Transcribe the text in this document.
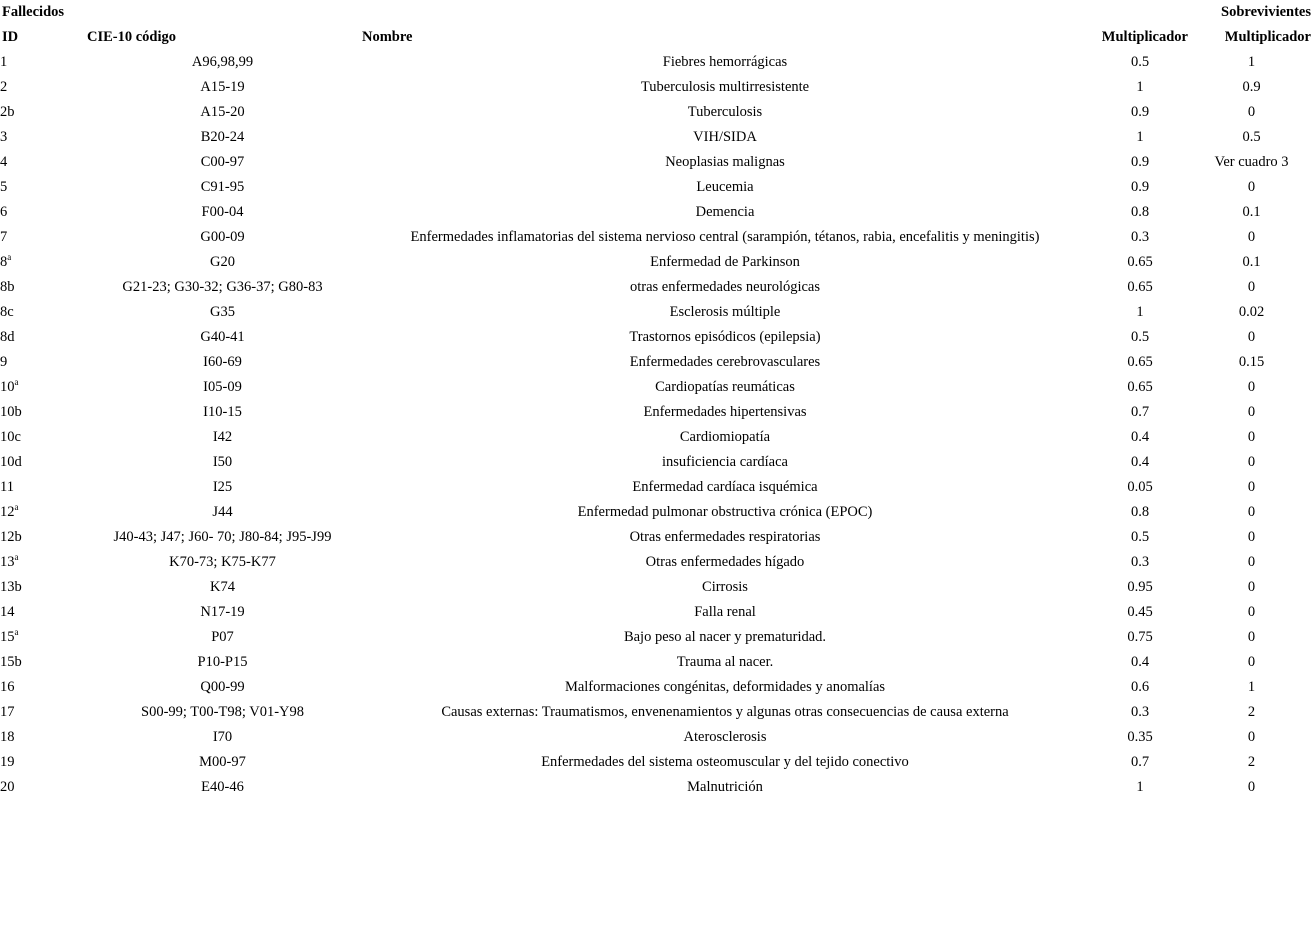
Fallecidos				Sobrevivientes
ID	CIE-10 código	Nombre	Multiplicador	Multiplicador
1	A96,98,99	Fiebres hemorrágicas	0.5	1
2	A15-19	Tuberculosis multirresistente	1	0.9
2b	A15-20	Tuberculosis	0.9	0
3	B20-24	VIH/SIDA	1	0.5
4	C00-97	Neoplasias malignas	0.9	Ver cuadro 3
5	C91-95	Leucemia	0.9	0
6	F00-04	Demencia	0.8	0.1
7	G00-09	Enfermedades inflamatorias del sistema nervioso central (sarampión, tétanos, rabia, encefalitis y meningitis)	0.3	0
8$^a$	G20	Enfermedad de Parkinson	0.65	0.1
8b	G21-23; G30-32; G36-37; G80-83	otras enfermedades neurológicas	0.65	0
8c	G35	Esclerosis múltiple	1	0.02
8d	G40-41	Trastornos episódicos (epilepsia)	0.5	0
9	I60-69	Enfermedades cerebrovasculares	0.65	0.15
10$^a$	I05-09	Cardiopatías reumáticas	0.65	0
10b	I10-15	Enfermedades hipertensivas	0.7	0
10c	I42	Cardiomiopatía	0.4	0
10d	I50	insuficiencia cardíaca	0.4	0
11	I25	Enfermedad cardíaca isquémica	0.05	0
12$^a$	J44	Enfermedad pulmonar obstructiva crónica (EPOC)	0.8	0
12b	J40-43; J47; J60- 70; J80-84; J95-J99	Otras enfermedades respiratorias	0.5	0
13$^a$	K70-73; K75-K77	Otras enfermedades hígado	0.3	0
13b	K74	Cirrosis	0.95	0
14	N17-19	Falla renal	0.45	0
15$^a$	P07	Bajo peso al nacer y prematuridad.	0.75	0
15b	P10-P15	Trauma al nacer.	0.4	0
16	Q00-99	Malformaciones congénitas, deformidades y anomalías	0.6	1
17	S00-99; T00-T98; V01-Y98	Causas externas: Traumatismos, envenenamientos y algunas otras consecuencias de causa externa	0.3	2
18	I70	Aterosclerosis	0.35	0
19	M00-97	Enfermedades del sistema osteomuscular y del tejido conectivo	0.7	2
20	E40-46	Malnutrición	1	0
